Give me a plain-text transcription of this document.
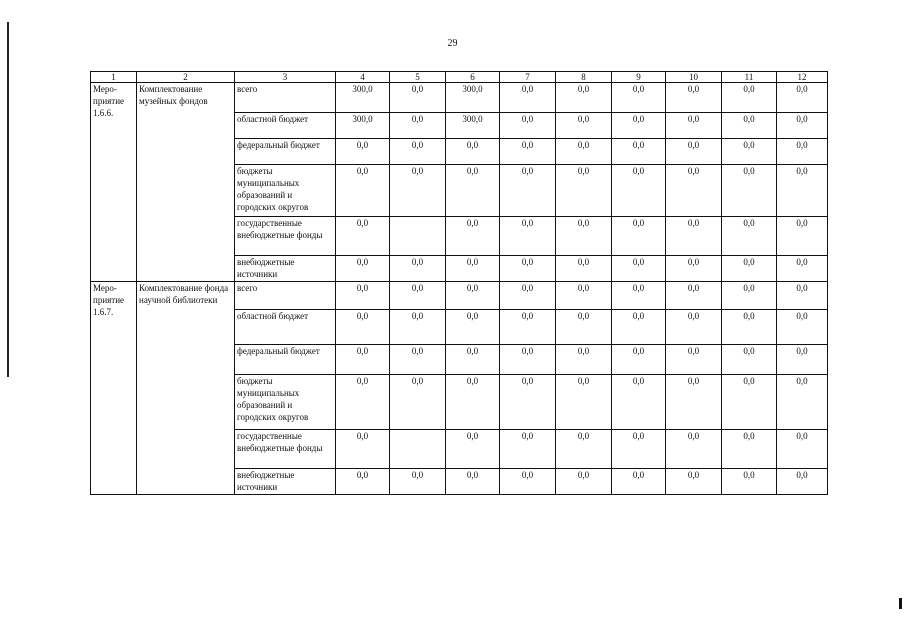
29
1	2	3	4	5	6	7	8	9	10	11	12
Меро-приятие 1.6.6.	Комплектование музейных фондов	всего	300,0	0,0	300,0	0,0	0,0	0,0	0,0	0,0	0,0
		областной бюджет	300,0	0,0	300,0	0,0	0,0	0,0	0,0	0,0	0,0
		федеральный бюджет	0,0	0,0	0,0	0,0	0,0	0,0	0,0	0,0	0,0
		бюджеты муниципальных образований и городских округов	0,0	0,0	0,0	0,0	0,0	0,0	0,0	0,0	0,0
		государственные внебюджетные фонды	0,0		0,0	0,0	0,0	0,0	0,0	0,0	0,0
		внебюджетные источники	0,0	0,0	0,0	0,0	0,0	0,0	0,0	0,0	0,0
Меро-приятие 1.6.7.	Комплектование фонда научной библиотеки	всего	0,0	0,0	0,0	0,0	0,0	0,0	0,0	0,0	0,0
		областной бюджет	0,0	0,0	0,0	0,0	0,0	0,0	0,0	0,0	0,0
		федеральный бюджет	0,0	0,0	0,0	0,0	0,0	0,0	0,0	0,0	0,0
		бюджеты муниципальных образований и городских округов	0,0	0,0	0,0	0,0	0,0	0,0	0,0	0,0	0,0
		государственные внебюджетные фонды	0,0		0,0	0,0	0,0	0,0	0,0	0,0	0,0
		внебюджетные источники	0,0	0,0	0,0	0,0	0,0	0,0	0,0	0,0	0,0
